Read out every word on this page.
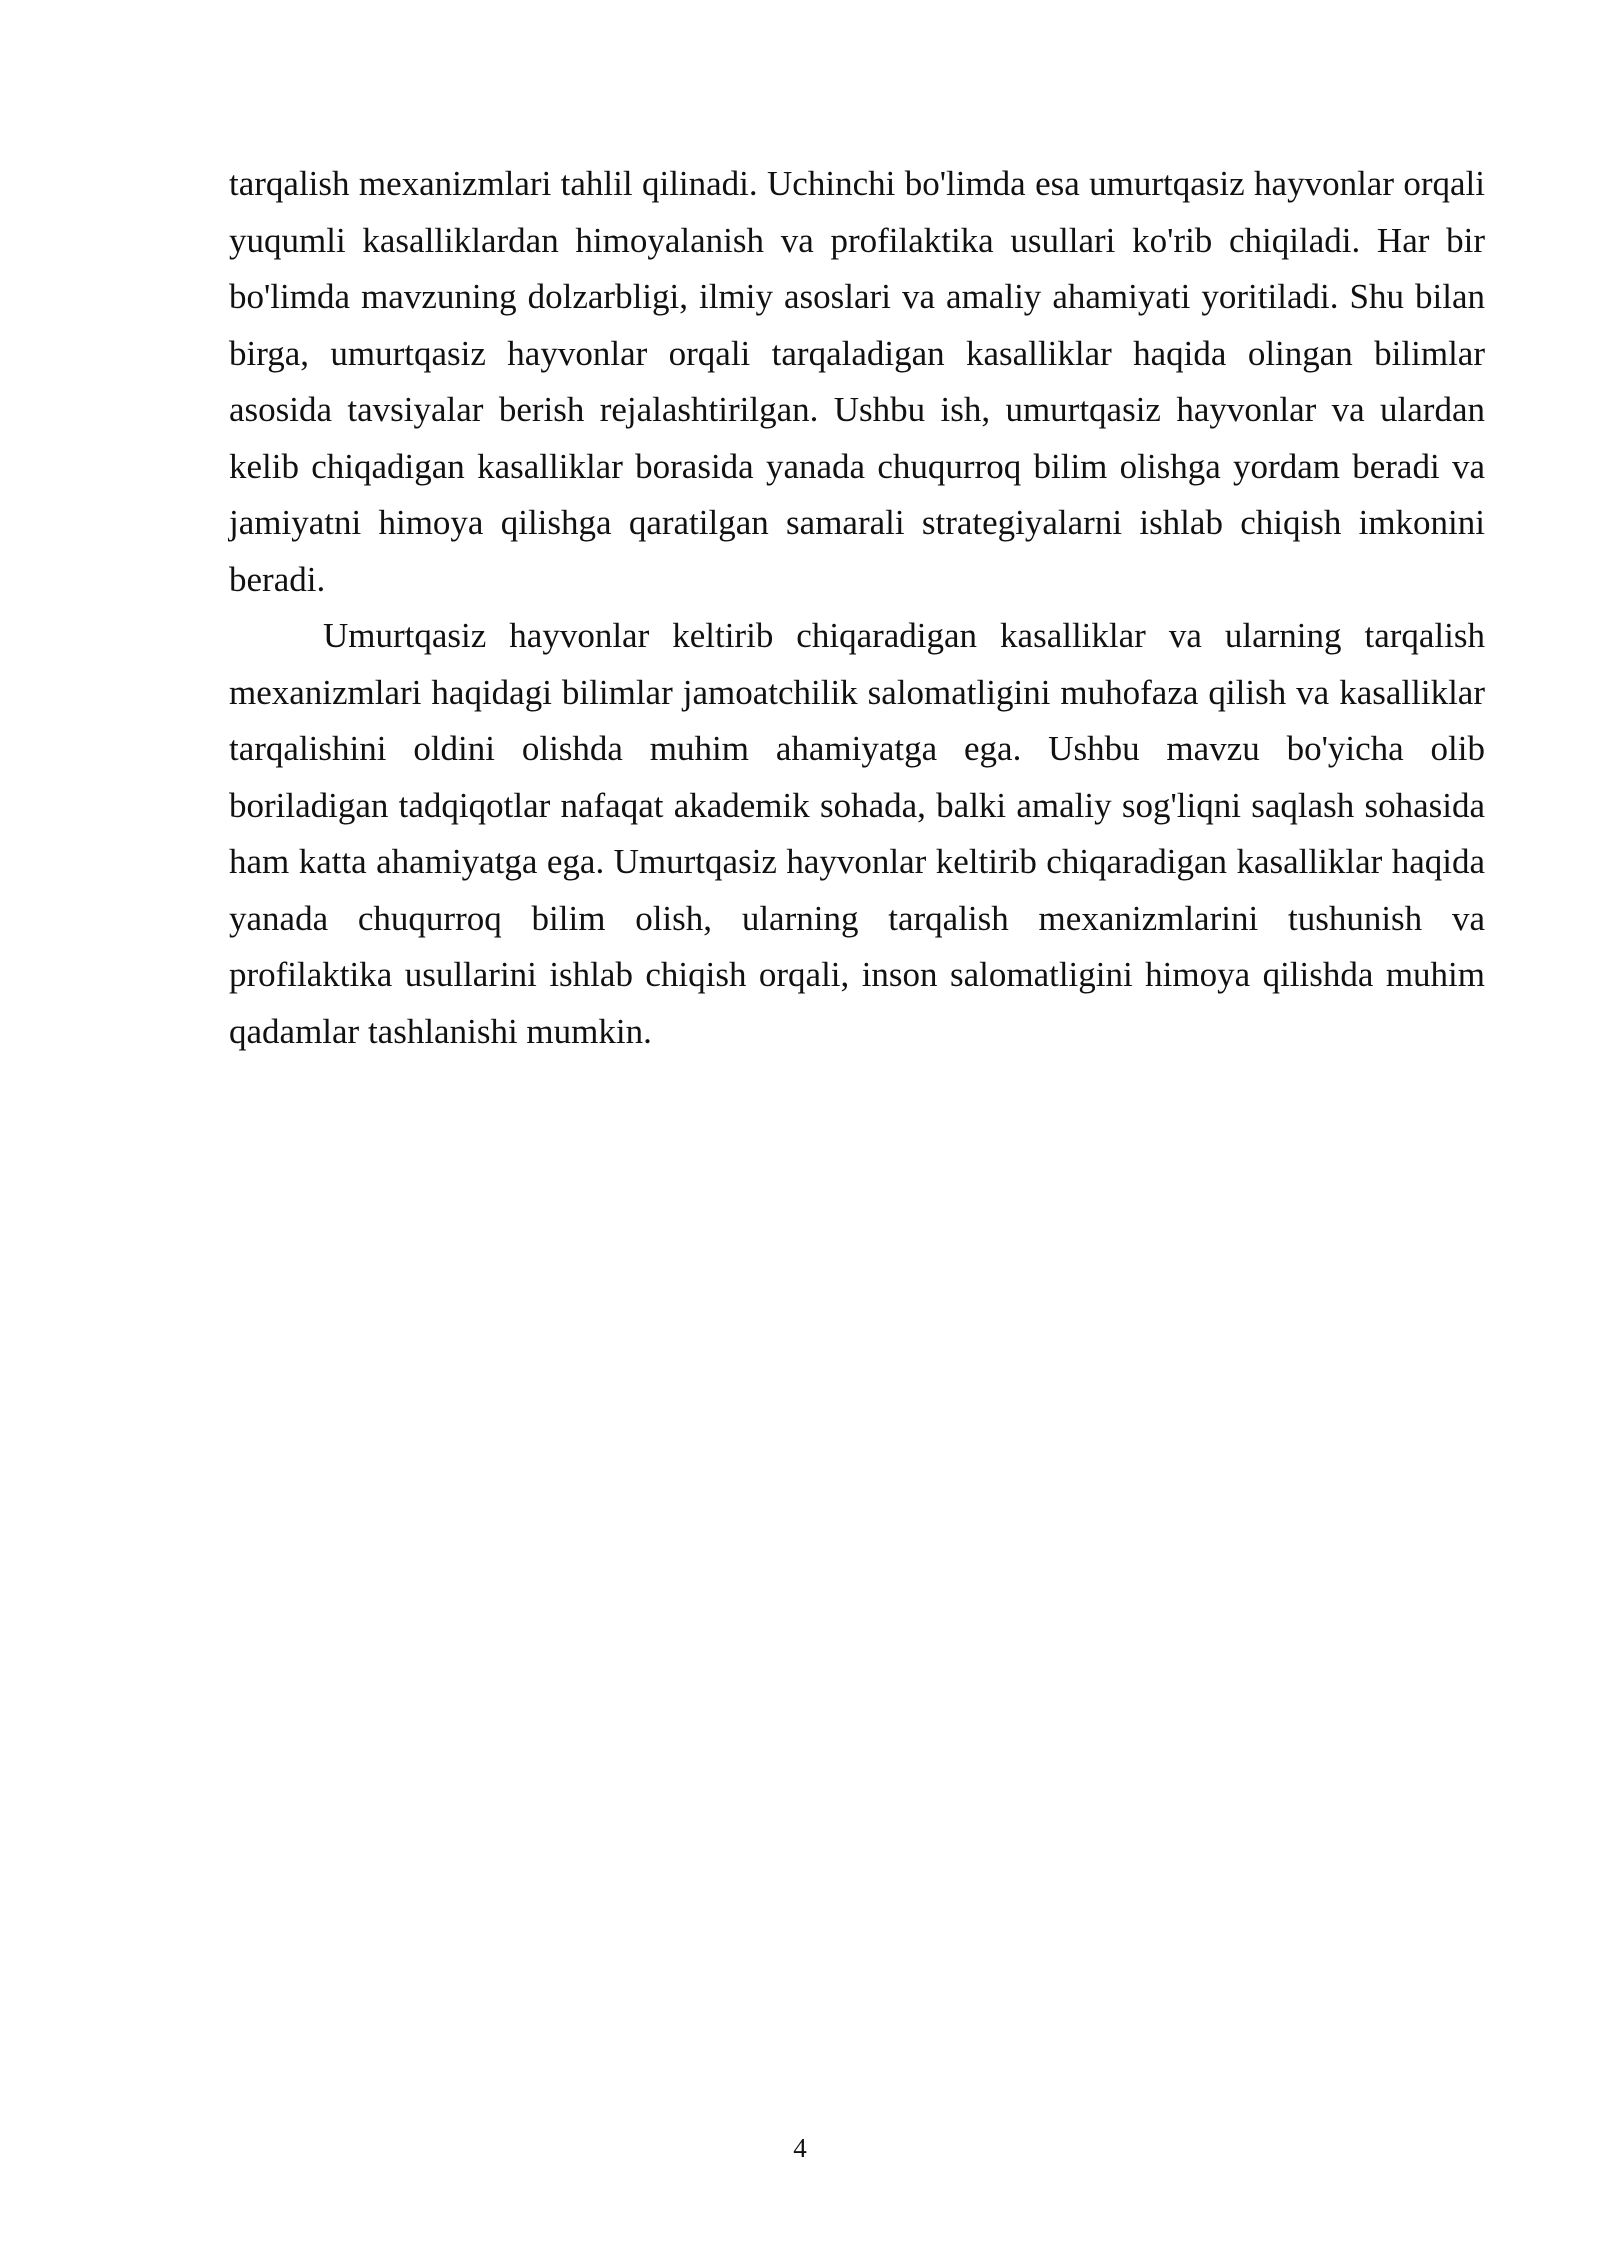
tarqalish mexanizmlari tahlil qilinadi. Uchinchi bo'limda esa umurtqasiz hayvonlar orqali yuqumli kasalliklardan himoyalanish va profilaktika usullari ko'rib chiqiladi. Har bir bo'limda mavzuning dolzarbligi, ilmiy asoslari va amaliy ahamiyati yoritiladi. Shu bilan birga, umurtqasiz hayvonlar orqali tarqaladigan kasalliklar haqida olingan bilimlar asosida tavsiyalar berish rejalashtirilgan. Ushbu ish, umurtqasiz hayvonlar va ulardan kelib chiqadigan kasalliklar borasida yanada chuqurroq bilim olishga yordam beradi va jamiyatni himoya qilishga qaratilgan samarali strategiyalarni ishlab chiqish imkonini beradi.

Umurtqasiz hayvonlar keltirib chiqaradigan kasalliklar va ularning tarqalish mexanizmlari haqidagi bilimlar jamoatchilik salomatligini muhofaza qilish va kasalliklar tarqalishini oldini olishda muhim ahamiyatga ega. Ushbu mavzu bo'yicha olib boriladigan tadqiqotlar nafaqat akademik sohada, balki amaliy sog'liqni saqlash sohasida ham katta ahamiyatga ega. Umurtqasiz hayvonlar keltirib chiqaradigan kasalliklar haqida yanada chuqurroq bilim olish, ularning tarqalish mexanizmlarini tushunish va profilaktika usullarini ishlab chiqish orqali, inson salomatligini himoya qilishda muhim qadamlar tashlanishi mumkin.

4
